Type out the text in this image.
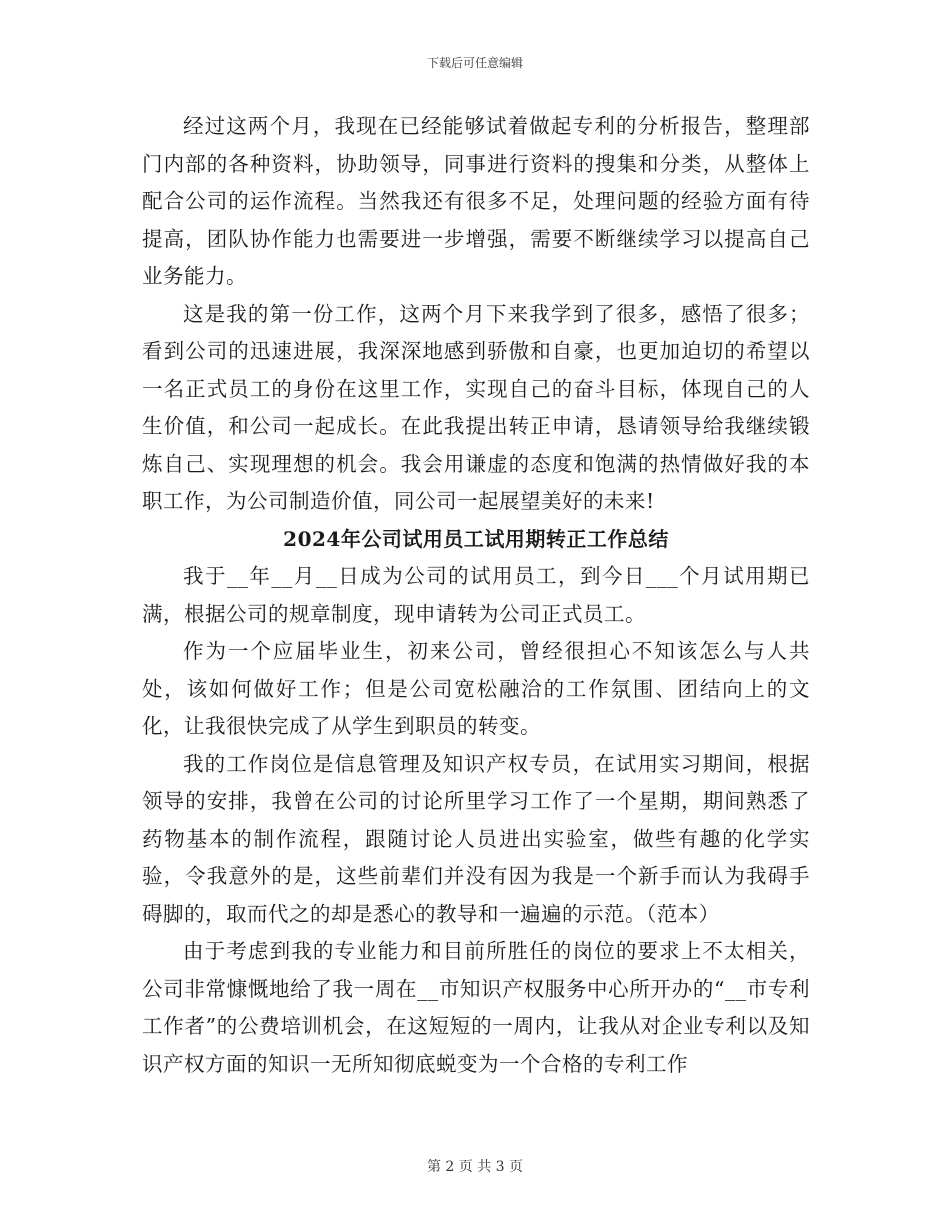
下载后可任意编辑

经过这两个月，我现在已经能够试着做起专利的分析报告，整理部门内部的各种资料，协助领导，同事进行资料的搜集和分类，从整体上配合公司的运作流程。当然我还有很多不足，处理问题的经验方面有待提高，团队协作能力也需要进一步增强，需要不断继续学习以提高自己业务能力。

这是我的第一份工作，这两个月下来我学到了很多，感悟了很多；看到公司的迅速进展，我深深地感到骄傲和自豪，也更加迫切的希望以一名正式员工的身份在这里工作，实现自己的奋斗目标，体现自己的人生价值，和公司一起成长。在此我提出转正申请，恳请领导给我继续锻炼自己、实现理想的机会。我会用谦虚的态度和饱满的热情做好我的本职工作，为公司制造价值，同公司一起展望美好的未来!

2024年公司试用员工试用期转正工作总结

我于__年__月__日成为公司的试用员工，到今日___个月试用期已满，根据公司的规章制度，现申请转为公司正式员工。

作为一个应届毕业生，初来公司，曾经很担心不知该怎么与人共处，该如何做好工作；但是公司宽松融洽的工作氛围、团结向上的文化，让我很快完成了从学生到职员的转变。

我的工作岗位是信息管理及知识产权专员，在试用实习期间，根据领导的安排，我曾在公司的讨论所里学习工作了一个星期，期间熟悉了药物基本的制作流程，跟随讨论人员进出实验室，做些有趣的化学实验，令我意外的是，这些前辈们并没有因为我是一个新手而认为我碍手碍脚的，取而代之的却是悉心的教导和一遍遍的示范。（范本）

由于考虑到我的专业能力和目前所胜任的岗位的要求上不太相关，公司非常慷慨地给了我一周在__市知识产权服务中心所开办的“__市专利工作者”的公费培训机会，在这短短的一周内，让我从对企业专利以及知识产权方面的知识一无所知彻底蜕变为一个合格的专利工作

第 2 页 共 3 页
